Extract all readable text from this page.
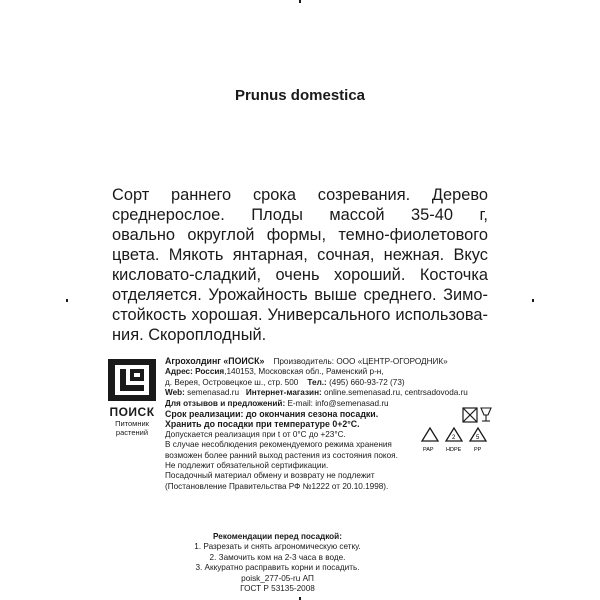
Prunus domestica
Сорт раннего срока созревания. Дерево
среднерослое. Плоды массой 35-40 г,
овально округлой формы, темно-фиолетового
цвета. Мякоть янтарная, сочная, нежная. Вкус
кисловато-сладкий, очень хороший. Косточка
отделяется. Урожайность выше среднего. Зимо-
стойкость хорошая. Универсального использова-
ния. Скороплодный.
ПОИСК
Питомник
растений
Агрохолдинг «ПОИСК» Производитель: ООО «ЦЕНТР-ОГОРОДНИК»
Адрес: Россия,140153, Московская обл., Раменский р-н,
д. Верея, Островецкое ш., стр. 500 Тел.: (495) 660-93-72 (73)
Web: semenasad.ru Интернет-магазин: online.semenasad.ru, centrsadovoda.ru
Для отзывов и предложений: E-mail: info@semenasad.ru
Срок реализации: до окончания сезона посадки.
Хранить до посадки при температуре 0+2°С.
Допускается реализация при t от 0°С до +23°С.
В случае несоблюдения рекомендуемого режима хранения
возможен более ранний выход растения из состояния покоя.
Не подлежит обязательной сертификации.
Посадочный материал обмену и возврату не подлежит
(Постановление Правительства РФ №1222 от 20.10.1998).
Рекомендации перед посадкой:
1. Разрезать и снять агрономическую сетку.
2. Замочить ком на 2-3 часа в воде.
3. Аккуратно расправить корни и посадить.
poisk_277-05-ru АП
ГОСТ Р 53135-2008
PAP
2
HDPE
5
PP
